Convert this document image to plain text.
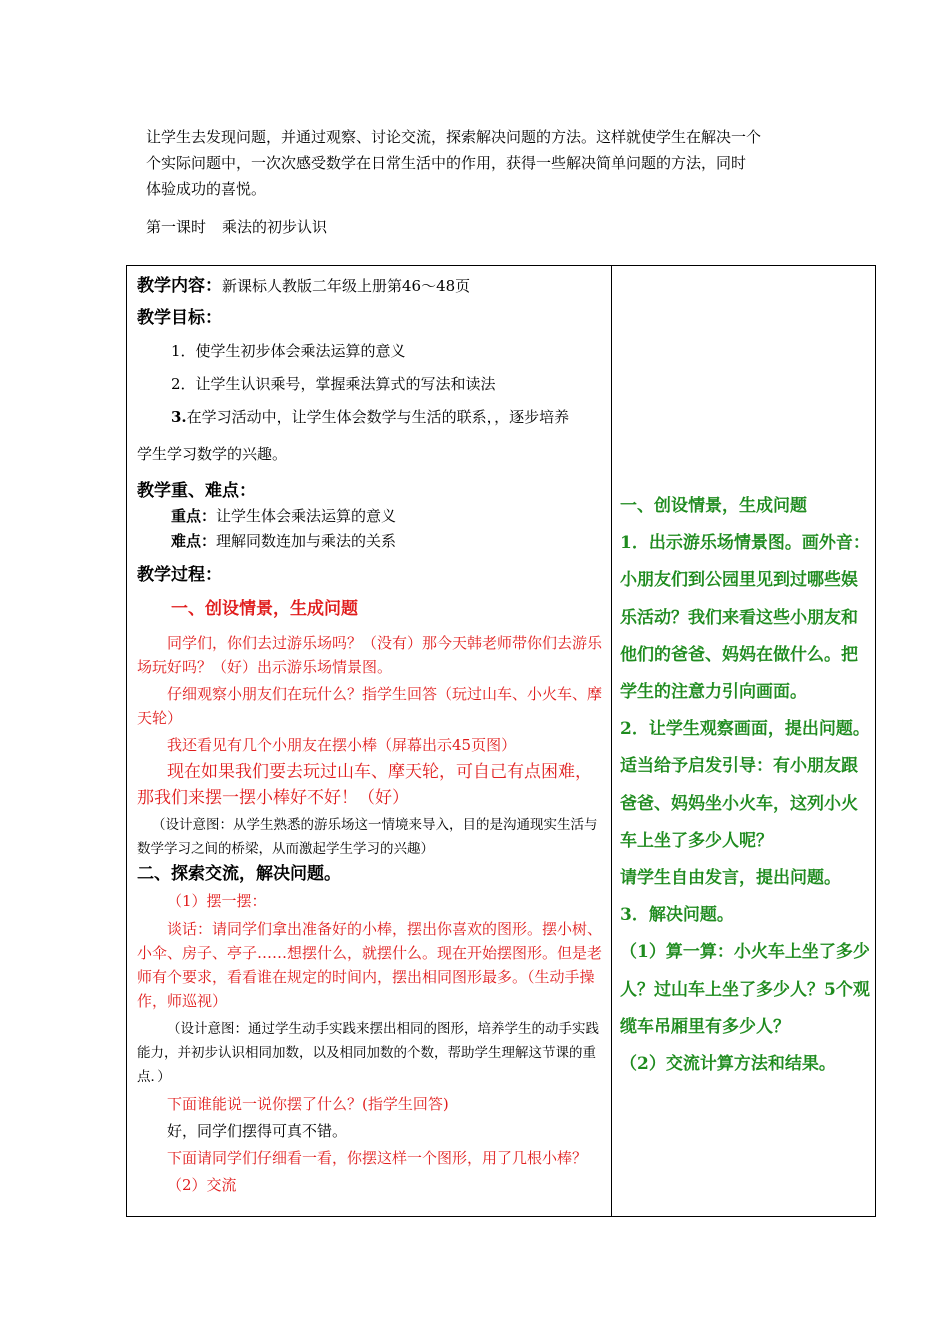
让学生去发现问题，并通过观察、讨论交流，探索解决问题的方法。这样就使学生在解决一个
个实际问题中，一次次感受数学在日常生活中的作用，获得一些解决简单问题的方法，同时
体验成功的喜悦。
第一课时 乘法的初步认识

教学内容：新课标人教版二年级上册第46～48页

教学目标：

1．使学生初步体会乘法运算的意义

2．让学生认识乘号，掌握乘法算式的写法和读法

3.在学习活动中，让学生体会数学与生活的联系，，逐步培养

学生学习数学的兴趣。

教学重、难点：

重点：让学生体会乘法运算的意义

难点：理解同数连加与乘法的关系

教学过程：

一、创设情景，生成问题

同学们，你们去过游乐场吗？（没有）那今天韩老师带你们去游乐场玩好吗？（好）出示游乐场情景图。

仔细观察小朋友们在玩什么？指学生回答（玩过山车、小火车、摩天轮）

我还看见有几个小朋友在摆小棒（屏幕出示45页图）

现在如果我们要去玩过山车、摩天轮，可自己有点困难，那我们来摆一摆小棒好不好！（好）

（设计意图：从学生熟悉的游乐场这一情境来导入，目的是沟通现实生活与数学学习之间的桥梁，从而激起学生学习的兴趣）

二、探索交流，解决问题。

（1）摆一摆：

谈话：请同学们拿出准备好的小棒，摆出你喜欢的图形。摆小树、小伞、房子、亭子……想摆什么，就摆什么。现在开始摆图形。但是老师有个要求，看看谁在规定的时间内，摆出相同图形最多。（生动手操作，师巡视）

（设计意图：通过学生动手实践来摆出相同的图形，培养学生的动手实践能力，并初步认识相同加数，以及相同加数的个数，帮助学生理解这节课的重点．）

下面谁能说一说你摆了什么？(指学生回答)

好，同学们摆得可真不错。

下面请同学们仔细看一看，你摆这样一个图形，用了几根小棒？

（2）交流

一、创设情景，生成问题

1．出示游乐场情景图。画外音：小朋友们到公园里见到过哪些娱乐活动？我们来看这些小朋友和他们的爸爸、妈妈在做什么。把学生的注意力引向画面。

2．让学生观察画面，提出问题。

适当给予启发引导：有小朋友跟爸爸、妈妈坐小火车，这列小火车上坐了多少人呢？

请学生自由发言，提出问题。

3．解决问题。

（1）算一算：小火车上坐了多少人？过山车上坐了多少人？5个观缆车吊厢里有多少人？

（2）交流计算方法和结果。
